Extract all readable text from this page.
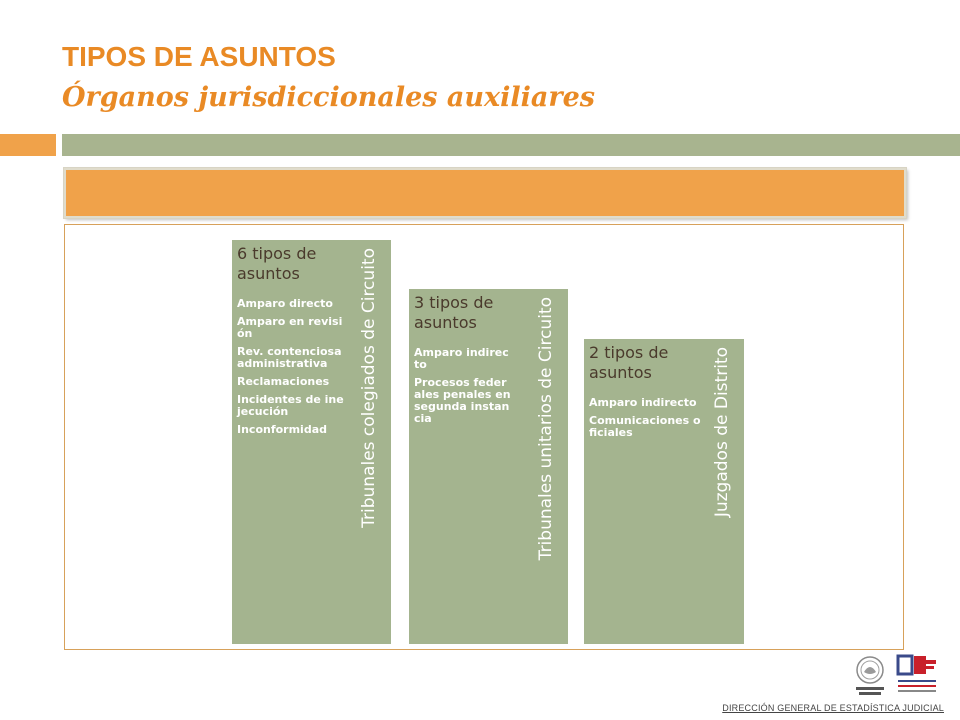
TIPOS DE ASUNTOS
Órganos jurisdiccionales auxiliares
6 tipos de asuntos
Amparo directo
Amparo en revisión
Rev. contenciosa administrativa
Reclamaciones
Incidentes de inejecución
Inconformidad	Tribunales colegiados de Circuito 3 tipos de asuntos
Amparo indirecto
Procesos federales penales en segunda instancia	Tribunales unitarios de Circuito 2 tipos de asuntos
Amparo indirecto
Comunicaciones oficiales	Juzgados de Distrito
DIRECCIÓN GENERAL DE ESTADÍSTICA JUDICIAL
